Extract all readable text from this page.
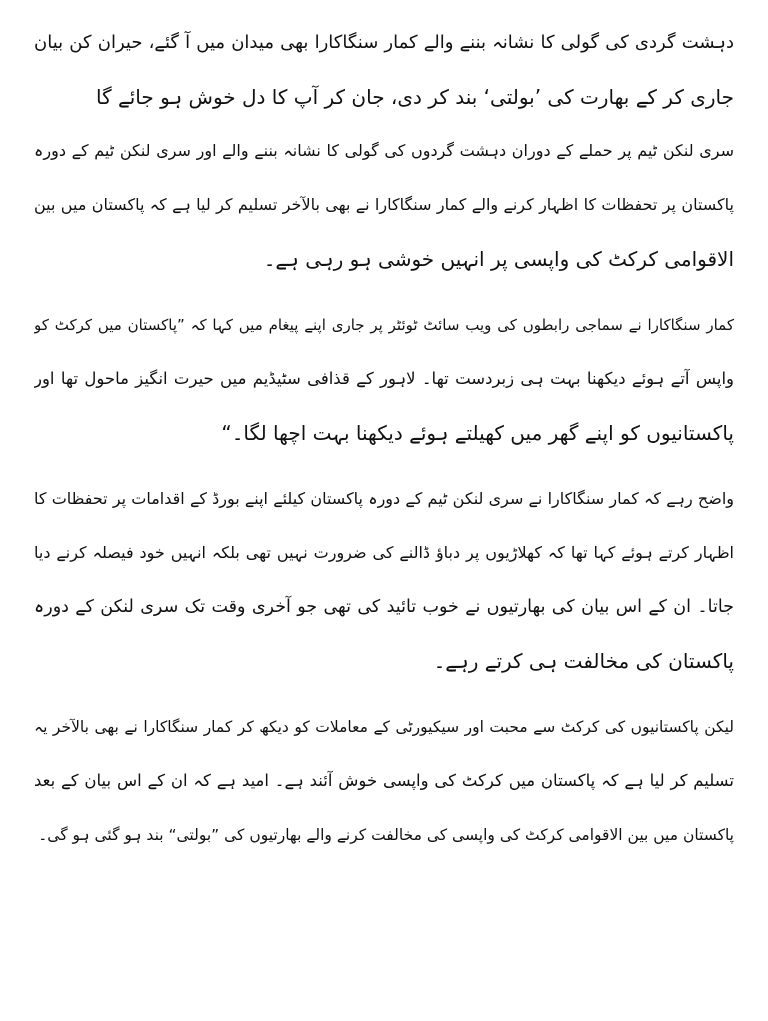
دہشت گردی کی گولی کا نشانہ بننے والے کمار سنگاکارا بھی میدان میں آ گئے، حیران کن بیان
جاری کر کے بھارت کی ’بولتی‘ بند کر دی، جان کر آپ کا دل خوش ہو جائے گا
سری لنکن ٹیم پر حملے کے دوران دہشت گردوں کی گولی کا نشانہ بننے والے اور سری لنکن ٹیم کے دورہ
پاکستان پر تحفظات کا اظہار کرنے والے کمار سنگاکارا نے بھی بالآخر تسلیم کر لیا ہے کہ پاکستان میں بین
الاقوامی کرکٹ کی واپسی پر انہیں خوشی ہو رہی ہے۔
کمار سنگاکارا نے سماجی رابطوں کی ویب سائٹ ٹوئٹر پر جاری اپنے پیغام میں کہا کہ ”پاکستان میں کرکٹ کو
واپس آتے ہوئے دیکھنا بہت ہی زبردست تھا۔ لاہور کے قذافی سٹیڈیم میں حیرت انگیز ماحول تھا اور
پاکستانیوں کو اپنے گھر میں کھیلتے ہوئے دیکھنا بہت اچھا لگا۔“
واضح رہے کہ کمار سنگاکارا نے سری لنکن ٹیم کے دورہ پاکستان کیلئے اپنے بورڈ کے اقدامات پر تحفظات کا
اظہار کرتے ہوئے کہا تھا کہ کھلاڑیوں پر دباؤ ڈالنے کی ضرورت نہیں تھی بلکہ انہیں خود فیصلہ کرنے دیا
جاتا۔ ان کے اس بیان کی بھارتیوں نے خوب تائید کی تھی جو آخری وقت تک سری لنکن کے دورہ
پاکستان کی مخالفت ہی کرتے رہے۔
لیکن پاکستانیوں کی کرکٹ سے محبت اور سیکیورٹی کے معاملات کو دیکھ کر کمار سنگاکارا نے بھی بالآخر یہ
تسلیم کر لیا ہے کہ پاکستان میں کرکٹ کی واپسی خوش آئند ہے۔ امید ہے کہ ان کے اس بیان کے بعد
پاکستان میں بین الاقوامی کرکٹ کی واپسی کی مخالفت کرنے والے بھارتیوں کی ”بولتی“ بند ہو گئی ہو گی۔
